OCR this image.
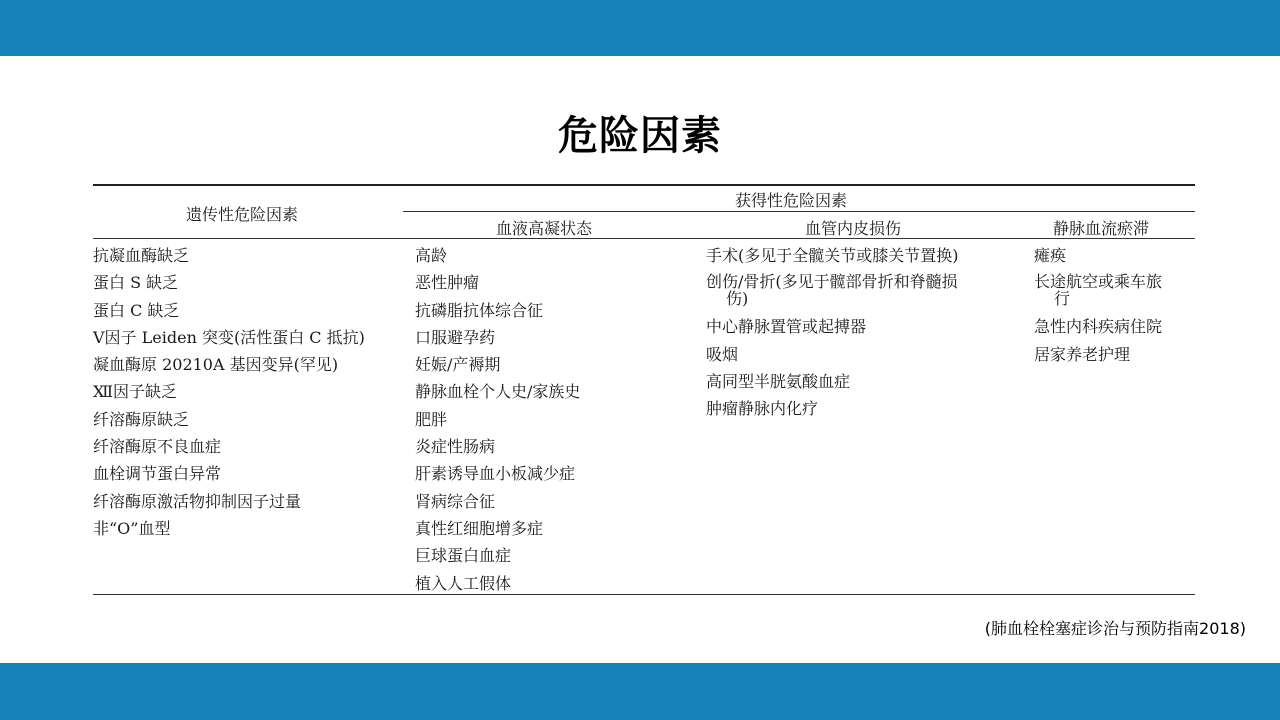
危险因素
遗传性危险因素
获得性危险因素
血液高凝状态	血管内皮损伤	静脉血流瘀滞
抗凝血酶缺乏
蛋白 S 缺乏
蛋白 C 缺乏
Ⅴ因子 Leiden 突变(活性蛋白 C 抵抗)
凝血酶原 20210A 基因变异(罕见)
Ⅻ因子缺乏
纤溶酶原缺乏
纤溶酶原不良血症
血栓调节蛋白异常
纤溶酶原激活物抑制因子过量
非“O”血型
高龄
恶性肿瘤
抗磷脂抗体综合征
口服避孕药
妊娠/产褥期
静脉血栓个人史/家族史
肥胖
炎症性肠病
肝素诱导血小板减少症
肾病综合征
真性红细胞增多症
巨球蛋白血症
植入人工假体
手术(多见于全髋关节或膝关节置换)
创伤/骨折(多见于髋部骨折和脊髓损
伤)
中心静脉置管或起搏器
吸烟
高同型半胱氨酸血症
肿瘤静脉内化疗
瘫痪
长途航空或乘车旅
行
急性内科疾病住院
居家养老护理
(肺血栓栓塞症诊治与预防指南2018)
